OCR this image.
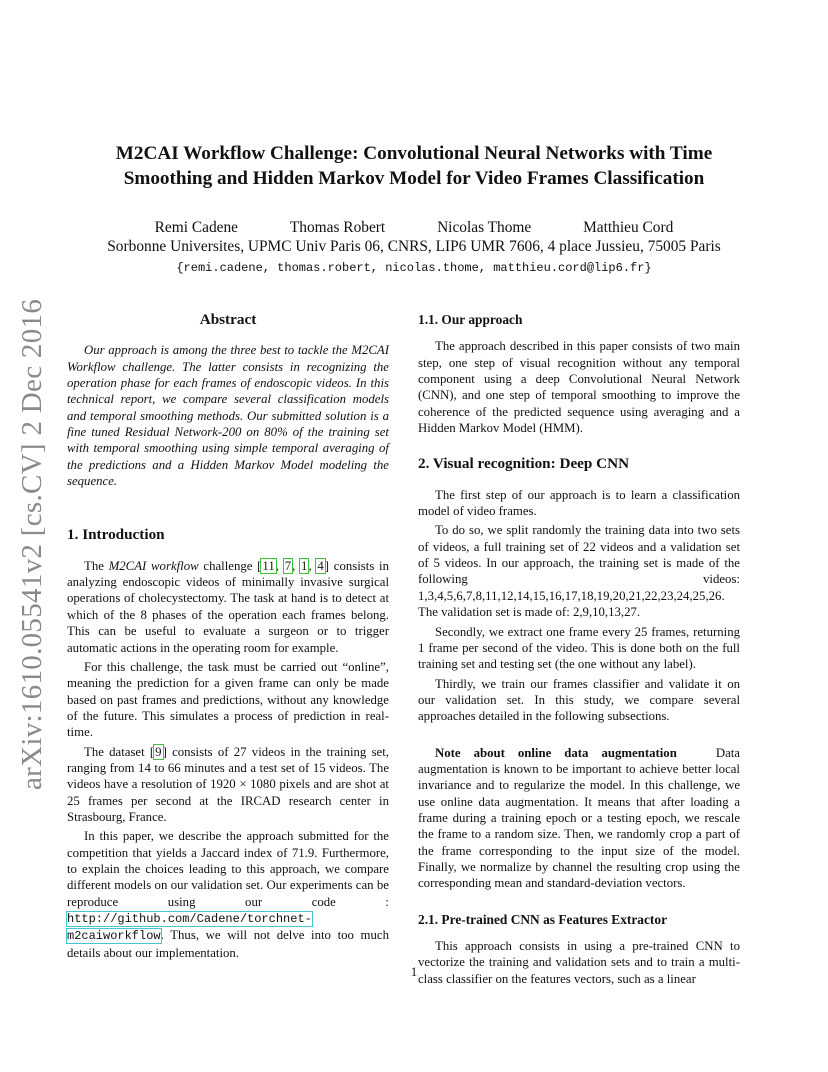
arXiv:1610.05541v2 [cs.CV] 2 Dec 2016
M2CAI Workflow Challenge: Convolutional Neural Networks with Time
Smoothing and Hidden Markov Model for Video Frames Classification
Remi Cadene	Thomas Robert	Nicolas Thome	Matthieu Cord
Sorbonne Universites, UPMC Univ Paris 06, CNRS, LIP6 UMR 7606, 4 place Jussieu, 75005 Paris
{remi.cadene, thomas.robert, nicolas.thome, matthieu.cord@lip6.fr}
Abstract

Our approach is among the three best to tackle the M2CAI Workflow challenge. The latter consists in recognizing the operation phase for each frames of endoscopic videos. In this technical report, we compare several classification models and temporal smoothing methods. Our submitted solution is a fine tuned Residual Network-200 on 80% of the training set with temporal smoothing using simple temporal averaging of the predictions and a Hidden Markov Model modeling the sequence.

1. Introduction

The M2CAI workflow challenge [11, 7, 1, 4] consists in analyzing endoscopic videos of minimally invasive surgical operations of cholecystectomy. The task at hand is to detect at which of the 8 phases of the operation each frames belong. This can be useful to evaluate a surgeon or to trigger automatic actions in the operating room for example.

For this challenge, the task must be carried out “online”, meaning the prediction for a given frame can only be made based on past frames and predictions, without any knowledge of the future. This simulates a process of prediction in real-time.

The dataset [9] consists of 27 videos in the training set, ranging from 14 to 66 minutes and a test set of 15 videos. The videos have a resolution of 1920 × 1080 pixels and are shot at 25 frames per second at the IRCAD research center in Strasbourg, France.

In this paper, we describe the approach submitted for the competition that yields a Jaccard index of 71.9. Furthermore, to explain the choices leading to this approach, we compare different models on our validation set. Our experiments can be reproduce using our code : http://github.com/Cadene/torchnet-m2caiworkflow. Thus, we will not delve into too much details about our implementation.

1.1. Our approach

The approach described in this paper consists of two main step, one step of visual recognition without any temporal component using a deep Convolutional Neural Network (CNN), and one step of temporal smoothing to improve the coherence of the predicted sequence using averaging and a Hidden Markov Model (HMM).

2. Visual recognition: Deep CNN

The first step of our approach is to learn a classification model of video frames.

To do so, we split randomly the training data into two sets of videos, a full training set of 22 videos and a validation set of 5 videos. In our approach, the training set is made of the following videos: 1,3,4,5,6,7,8,11,12,14,15,16,17,18,19,20,21,22,23,24,25,26. The validation set is made of: 2,9,10,13,27.

Secondly, we extract one frame every 25 frames, returning 1 frame per second of the video. This is done both on the full training set and testing set (the one without any label).

Thirdly, we train our frames classifier and validate it on our validation set. In this study, we compare several approaches detailed in the following subsections.

Note about online data augmentation	Data augmentation is known to be important to achieve better local invariance and to regularize the model. In this challenge, we use online data augmentation. It means that after loading a frame during a training epoch or a testing epoch, we rescale the frame to a random size. Then, we randomly crop a part of the frame corresponding to the input size of the model. Finally, we normalize by channel the resulting crop using the corresponding mean and standard-deviation vectors.

2.1. Pre-trained CNN as Features Extractor

This approach consists in using a pre-trained CNN to vectorize the training and validation sets and to train a multi-class classifier on the features vectors, such as a linear

1
